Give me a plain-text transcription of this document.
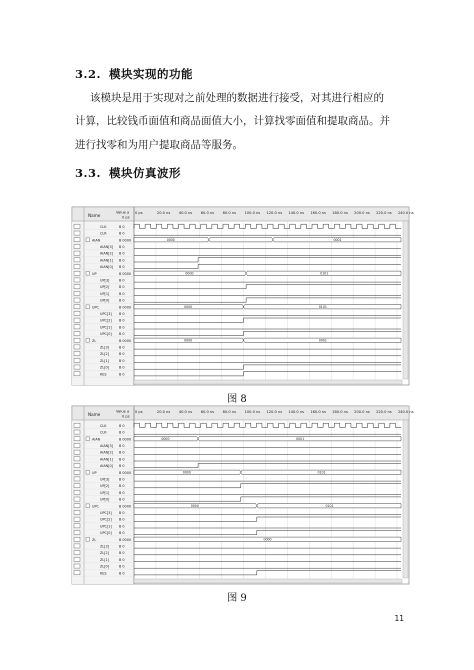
3.2. 模块实现的功能
该模块是用于实现对之前处理的数据进行接受，对其进行相应的
计算，比较钱币面值和商品面值大小，计算找零面值和提取商品。并
进行找零和为用户提取商品等服务。
3.3. 模块仿真波形
Name
Value a
0 ps
0 ps	20.0 ns 40.0 ns 60.0 ns 80.0 ns 100.0 ns 120.0 ns 140.0 ns 160.0 ns 180.0 ns 200.0 ns 220.0 ns 240.0 ns
CLK	B 0
CLR	B 0
AIAN	B 0000	0000	0001
AIAN[3] B 0
AIAN[2] B 0
AIAN[1] B 0
AIAN[0] B 0
UP	B 0000	0000	0101
UP[3]	B 0
UP[2]	B 0
UP[1]	B 0
UP[0]	B 0
UPC	B 0000	0000	0101
UPC[3] B 0
UPC[2] B 0
UPC[1] B 0
UPC[0] B 0
ZL	B 0000	0000	0001
ZL[3]	B 0
ZL[2]	B 0
ZL[1]	B 0
ZL[0]	B 0
KES	B 0
图 8
Name
Value a
0 ps
0 ps	20.0 ns 40.0 ns 60.0 ns 80.0 ns 100.0 ns 120.0 ns 140.0 ns 160.0 ns 180.0 ns 200.0 ns 220.0 ns 240.0 ns
CLK	B 0
CLR	B 0
AIAN	B 0000	0000	0001
AIAN[3] B 0
AIAN[2] B 0
AIAN[1] B 0
AIAN[0] B 0
UP	B 0000	0000	0101
UP[3]	B 0
UP[2]	B 0
UP[1]	B 0
UP[0]	B 0
UPC	B 0000	0000	0101
UPC[3] B 0
UPC[2] B 0
UPC[1] B 0
UPC[0] B 0
ZL	B 0000	0000
ZL[3]	B 0
ZL[2]	B 0
ZL[1]	B 0
ZL[0]	B 0
KES	B 0
图 9
11
